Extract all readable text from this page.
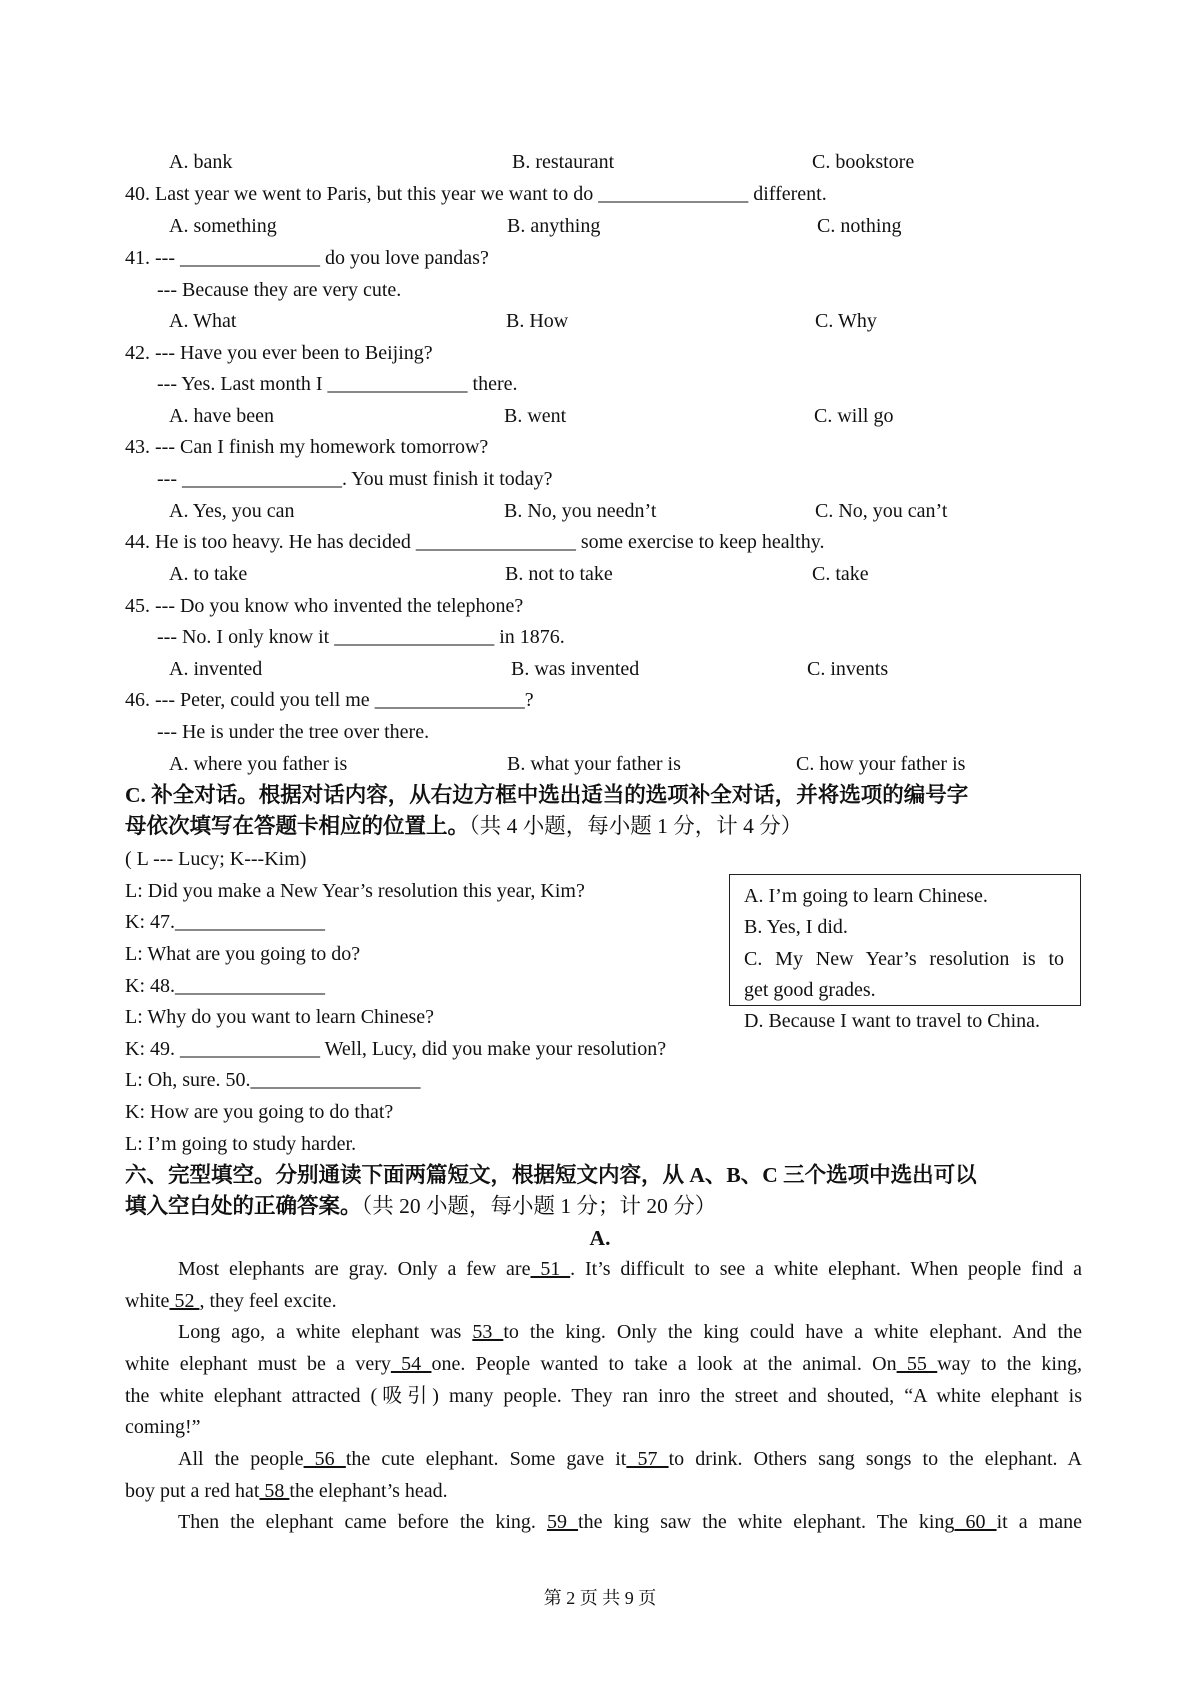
A. bank	B. restaurant	C. bookstore
40. Last year we went to Paris, but this year we want to do _______________ different.
A. something	B. anything	C. nothing
41. --- ______________ do you love pandas?
--- Because they are very cute.
A. What	B. How	C. Why
42. --- Have you ever been to Beijing?
--- Yes. Last month I ______________ there.
A. have been	B. went	C. will go
43. --- Can I finish my homework tomorrow?
--- ________________. You must finish it today?
A. Yes, you can	B. No, you needn’t	C. No, you can’t
44. He is too heavy. He has decided ________________ some exercise to keep healthy.
A. to take	B. not to take	C. take
45. --- Do you know who invented the telephone?
--- No. I only know it ________________ in 1876.
A. invented	B. was invented	C. invents
46. --- Peter, could you tell me _______________?
--- He is under the tree over there.
A. where you father is	B. what your father is	C. how your father is
C. 补全对话。根据对话内容，从右边方框中选出适当的选项补全对话，并将选项的编号字
母依次填写在答题卡相应的位置上。（共 4 小题，每小题 1 分，计 4 分）
( L --- Lucy; K---Kim)
L: Did you make a New Year’s resolution this year, Kim?
K: 47._______________
L: What are you going to do?
K: 48._______________
L: Why do you want to learn Chinese?
K: 49. ______________ Well, Lucy, did you make your resolution?
L: Oh, sure. 50._________________
K: How are you going to do that?
L: I’m going to study harder.
A. I’m going to learn Chinese.
B. Yes, I did.
C. My New Year’s resolution is to
get good grades.
D. Because I want to travel to China.
六、完型填空。分别通读下面两篇短文，根据短文内容，从 A、B、C 三个选项中选出可以
填入空白处的正确答案。（共 20 小题，每小题 1 分；计 20 分）
A.
Most elephants are gray. Only a few are 51 . It’s difficult to see a white elephant. When people find a
white 52 , they feel excite.
Long ago, a white elephant was 53 to the king. Only the king could have a white elephant. And the
white elephant must be a very 54 one. People wanted to take a look at the animal. On 55 way to the king,
the white elephant attracted (吸引) many people. They ran inro the street and shouted, “A white elephant is
coming!”
All the people 56 the cute elephant. Some gave it 57 to drink. Others sang songs to the elephant. A
boy put a red hat 58 the elephant’s head.
Then the elephant came before the king. 59 the king saw the white elephant. The king 60 it a mane
第 2 页 共 9 页
